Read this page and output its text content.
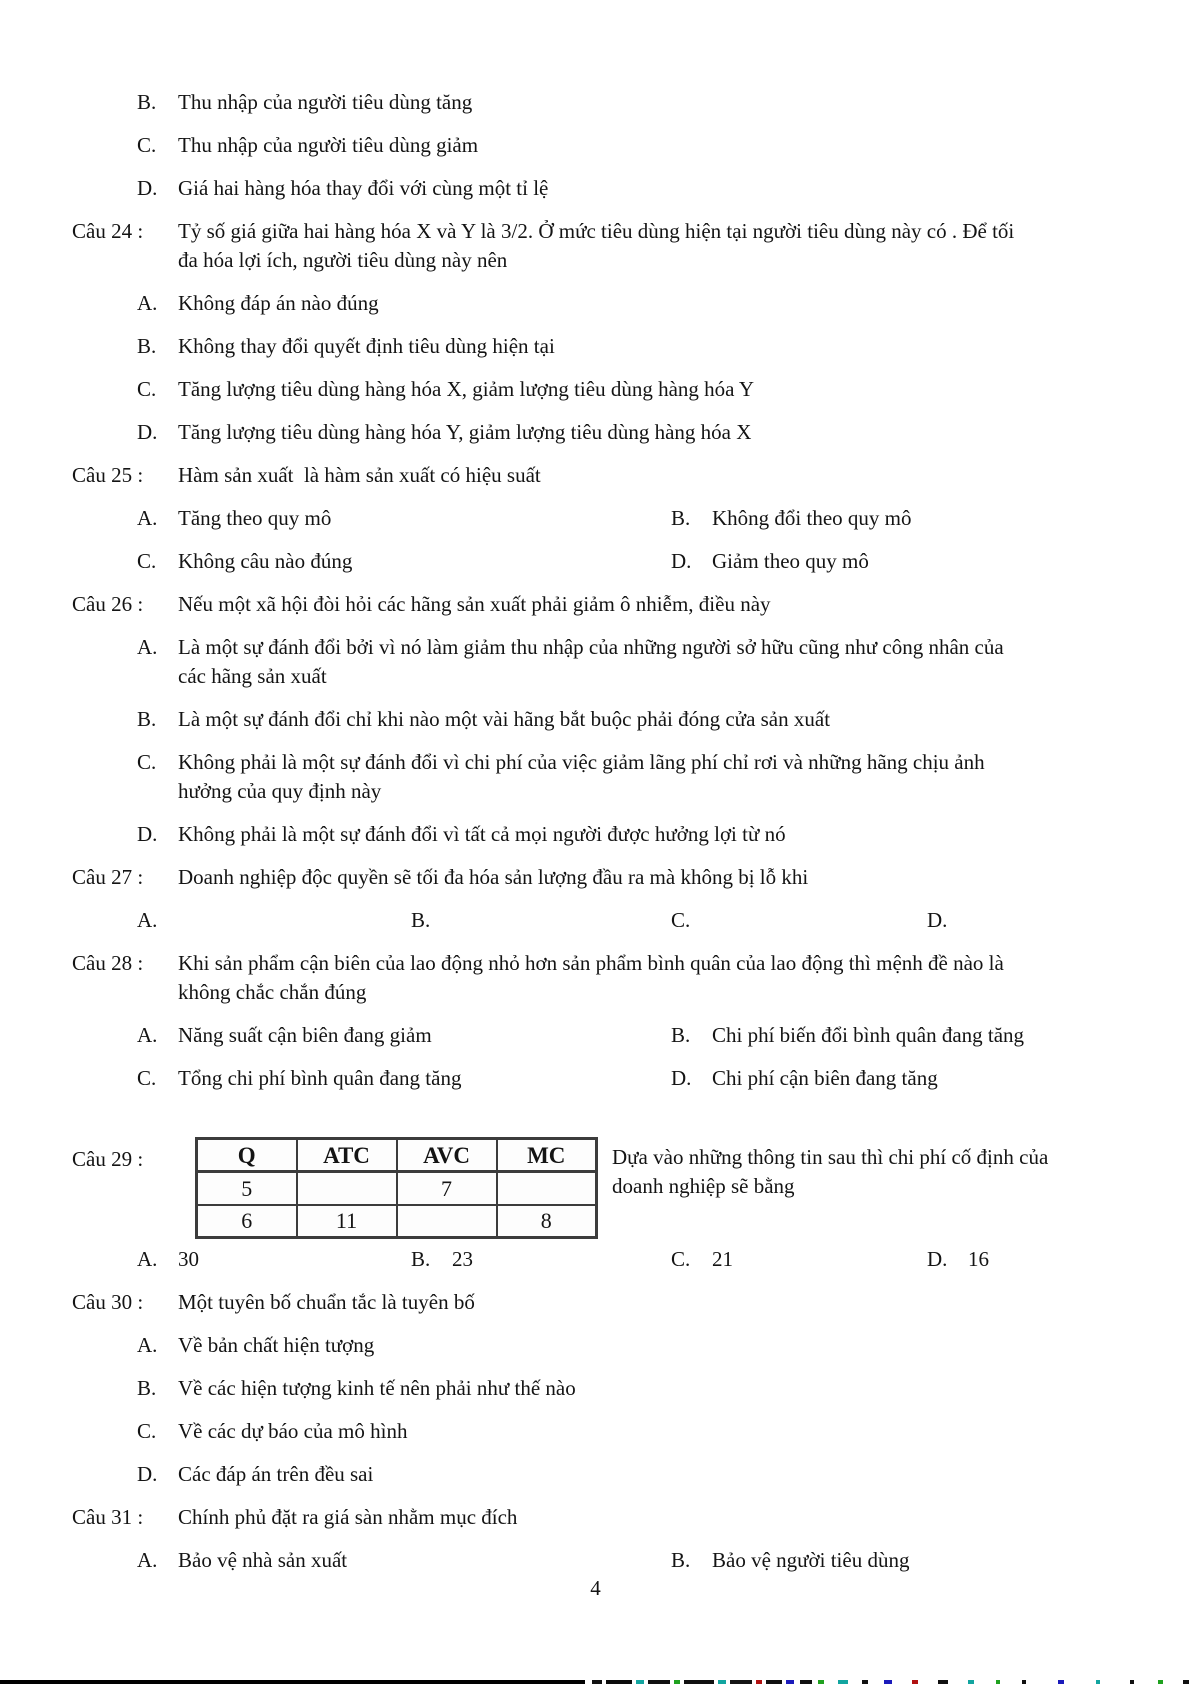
B.	Thu nhập của người tiêu dùng tăng
C.	Thu nhập của người tiêu dùng giảm
D. Giá hai hàng hóa thay đổi với cùng một tỉ lệ
Câu 24 :	Tỷ số giá giữa hai hàng hóa X và Y là 3/2. Ở mức tiêu dùng hiện tại người tiêu dùng này có . Để tối đa hóa lợi ích, người tiêu dùng này nên
A. Không đáp án nào đúng
B.	Không thay đổi quyết định tiêu dùng hiện tại
C.	Tăng lượng tiêu dùng hàng hóa X, giảm lượng tiêu dùng hàng hóa Y
D. Tăng lượng tiêu dùng hàng hóa Y, giảm lượng tiêu dùng hàng hóa X
Câu 25 :	Hàm sản xuất  là hàm sản xuất có hiệu suất
A. Tăng theo quy mô	B.	Không đổi theo quy mô
C.	Không câu nào đúng	D. Giảm theo quy mô
Câu 26 :	Nếu một xã hội đòi hỏi các hãng sản xuất phải giảm ô nhiễm, điều này
A. Là một sự đánh đổi bởi vì nó làm giảm thu nhập của những người sở hữu cũng như công nhân của các hãng sản xuất
B.	Là một sự đánh đổi chỉ khi nào một vài hãng bắt buộc phải đóng cửa sản xuất
C.	Không phải là một sự đánh đổi vì chi phí của việc giảm lãng phí chỉ rơi và những hãng chịu ảnh hưởng của quy định này
D. Không phải là một sự đánh đổi vì tất cả mọi người được hưởng lợi từ nó
Câu 27 :	Doanh nghiệp độc quyền sẽ tối đa hóa sản lượng đầu ra mà không bị lỗ khi
A.	B.	C.	D.
Câu 28 :	Khi sản phẩm cận biên của lao động nhỏ hơn sản phẩm bình quân của lao động thì mệnh đề nào là không chắc chắn đúng
A. Năng suất cận biên đang giảm	B.	Chi phí biến đổi bình quân đang tăng
C.	Tổng chi phí bình quân đang tăng	D. Chi phí cận biên đang tăng
Câu 29 :	Q	ATC	AVC	MC
5		7	
6	11		8
Dựa vào những thông tin sau thì chi phí cố định của doanh nghiệp sẽ bằng
A. 30	B.	23	C.	21	D. 16
Câu 30 :	Một tuyên bố chuẩn tắc là tuyên bố
A. Về bản chất hiện tượng
B.	Về các hiện tượng kinh tế nên phải như thế nào
C.	Về các dự báo của mô hình
D. Các đáp án trên đều sai
Câu 31 :	Chính phủ đặt ra giá sàn nhằm mục đích
A. Bảo vệ nhà sản xuất	B.	Bảo vệ người tiêu dùng
4
